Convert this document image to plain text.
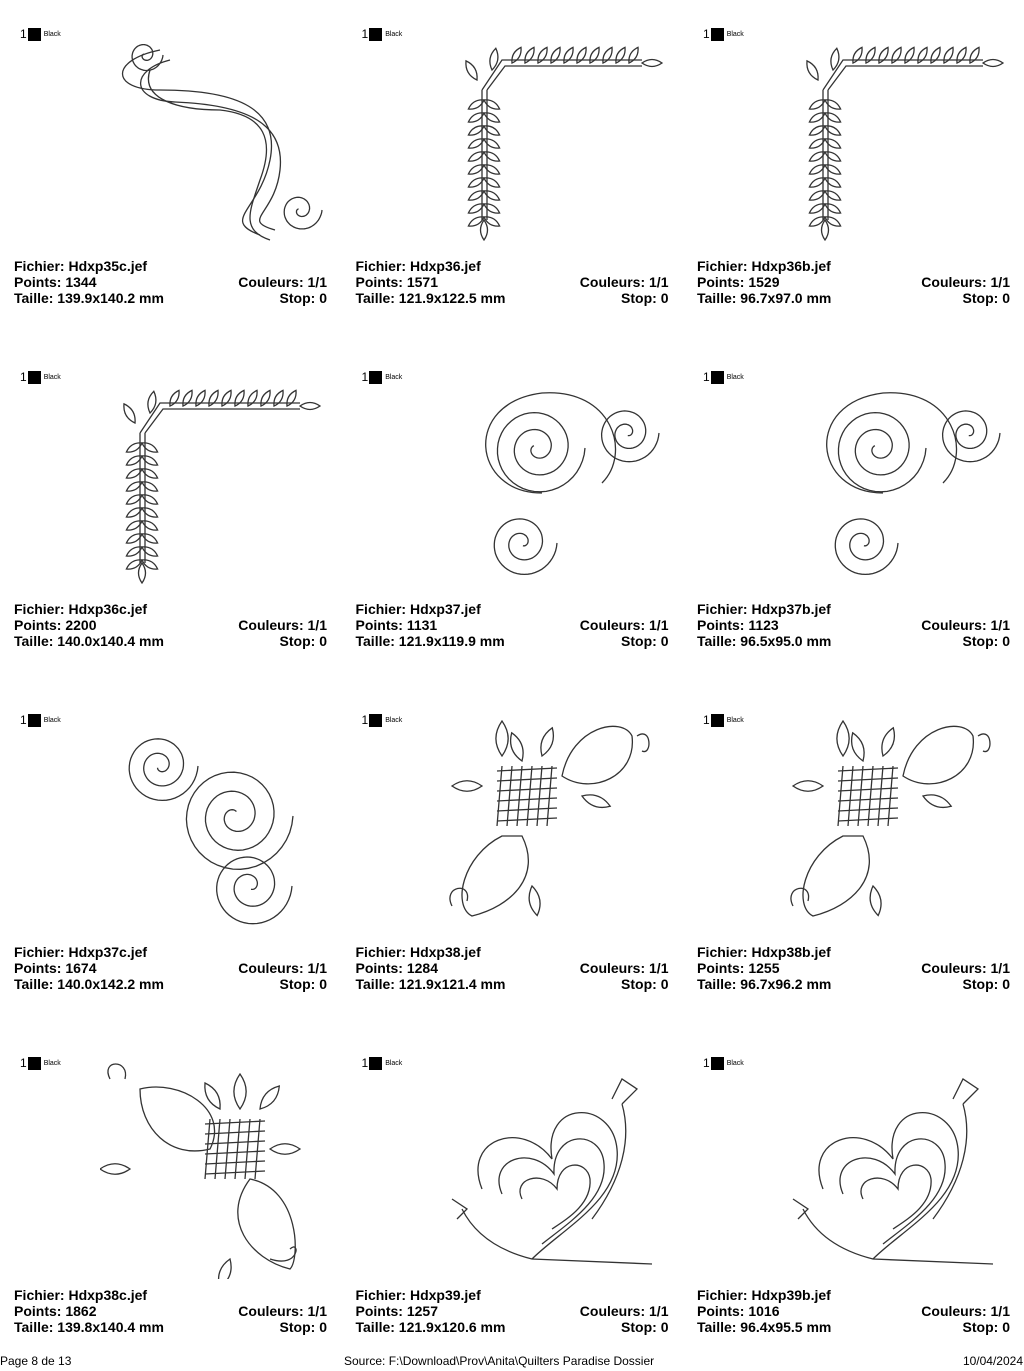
1 Black
Fichier: Hdxp35c.jef
Points: 1344	Couleurs: 1/1
Taille: 139.9x140.2 mm	Stop: 0
1 Black
Fichier: Hdxp36.jef
Points: 1571	Couleurs: 1/1
Taille: 121.9x122.5 mm	Stop: 0
1 Black
Fichier: Hdxp36b.jef
Points: 1529	Couleurs: 1/1
Taille: 96.7x97.0 mm	Stop: 0
1 Black
Fichier: Hdxp36c.jef
Points: 2200	Couleurs: 1/1
Taille: 140.0x140.4 mm	Stop: 0
1 Black
Fichier: Hdxp37.jef
Points: 1131	Couleurs: 1/1
Taille: 121.9x119.9 mm	Stop: 0
1 Black
Fichier: Hdxp37b.jef
Points: 1123	Couleurs: 1/1
Taille: 96.5x95.0 mm	Stop: 0
1 Black
Fichier: Hdxp37c.jef
Points: 1674	Couleurs: 1/1
Taille: 140.0x142.2 mm	Stop: 0
1 Black
Fichier: Hdxp38.jef
Points: 1284	Couleurs: 1/1
Taille: 121.9x121.4 mm	Stop: 0
1 Black
Fichier: Hdxp38b.jef
Points: 1255	Couleurs: 1/1
Taille: 96.7x96.2 mm	Stop: 0
1 Black
Fichier: Hdxp38c.jef
Points: 1862	Couleurs: 1/1
Taille: 139.8x140.4 mm	Stop: 0
1 Black
Fichier: Hdxp39.jef
Points: 1257	Couleurs: 1/1
Taille: 121.9x120.6 mm	Stop: 0
1 Black
Fichier: Hdxp39b.jef
Points: 1016	Couleurs: 1/1
Taille: 96.4x95.5 mm	Stop: 0
Page 8 de 13	Source: F:\Download\Prov\Anita\Quilters Paradise Dossier	10/04/2024
